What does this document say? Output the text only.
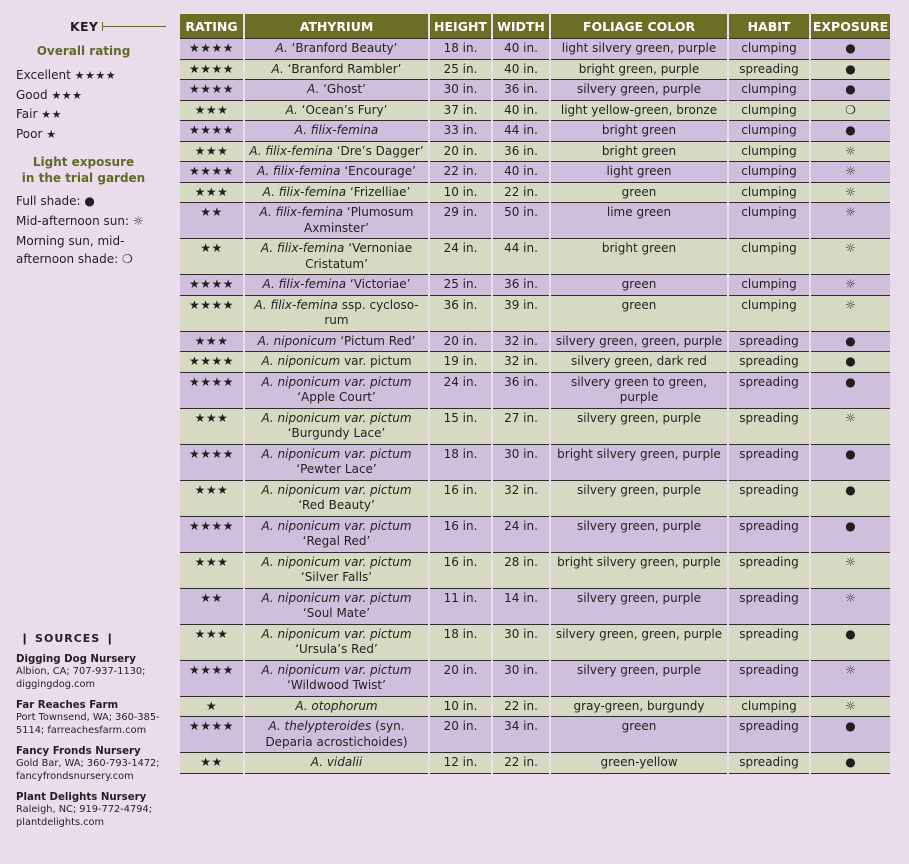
KEY
Overall rating
Excellent ★★★★
Good ★★★
Fair ★★
Poor ★
Light exposure
in the trial garden
Full shade: ●
Mid-afternoon sun: ☼
Morning sun, mid-
afternoon shade: ❍
❙ SOURCES ❙
Digging Dog Nursery
Albion, CA; 707-937-1130;
diggingdog.com
Far Reaches Farm
Port Townsend, WA; 360-385-
5114; farreachesfarm.com
Fancy Fronds Nursery
Gold Bar, WA; 360-793-1472;
fancyfrondsnursery.com
Plant Delights Nursery
Raleigh, NC; 919-772-4794;
plantdelights.com
RATING	ATHYRIUM	HEIGHT	WIDTH	FOLIAGE COLOR	HABIT	EXPOSURE
★★★★	A. ‘Branford Beauty’	18 in.	40 in.	light silvery green, purple	clumping	●
★★★★	A. ‘Branford Rambler’	25 in.	40 in.	bright green, purple	spreading	●
★★★★	A. ‘Ghost’	30 in.	36 in.	silvery green, purple	clumping	●
★★★	A. ‘Ocean’s Fury’	37 in.	40 in.	light yellow-green, bronze	clumping	❍
★★★★	A. filix-femina	33 in.	44 in.	bright green	clumping	●
★★★	A. filix-femina ‘Dre’s Dagger’	20 in.	36 in.	bright green	clumping	☼
★★★★	A. filix-femina ‘Encourage’	22 in.	40 in.	light green	clumping	☼
★★★	A. filix-femina ‘Frizelliae’	10 in.	22 in.	green	clumping	☼
★★	A. filix-femina ‘Plumosum Axminster’	29 in.	50 in.	lime green	clumping	☼
★★	A. filix-femina ‘Vernoniae Cristatum’	24 in.	44 in.	bright green	clumping	☼
★★★★	A. filix-femina ‘Victoriae’	25 in.	36 in.	green	clumping	☼
★★★★	A. filix-femina ssp. cycloso-rum	36 in.	39 in.	green	clumping	☼
★★★	A. niponicum ‘Pictum Red’	20 in.	32 in.	silvery green, green, purple	spreading	●
★★★★	A. niponicum var. pictum	19 in.	32 in.	silvery green, dark red	spreading	●
★★★★	A. niponicum var. pictum ‘Apple Court’	24 in.	36 in.	silvery green to green, purple	spreading	●
★★★	A. niponicum var. pictum ‘Burgundy Lace’	15 in.	27 in.	silvery green, purple	spreading	☼
★★★★	A. niponicum var. pictum ‘Pewter Lace’	18 in.	30 in.	bright silvery green, purple	spreading	●
★★★	A. niponicum var. pictum ‘Red Beauty’	16 in.	32 in.	silvery green, purple	spreading	●
★★★★	A. niponicum var. pictum ‘Regal Red’	16 in.	24 in.	silvery green, purple	spreading	●
★★★	A. niponicum var. pictum ‘Silver Falls’	16 in.	28 in.	bright silvery green, purple	spreading	☼
★★	A. niponicum var. pictum ‘Soul Mate’	11 in.	14 in.	silvery green, purple	spreading	☼
★★★	A. niponicum var. pictum ‘Ursula’s Red’	18 in.	30 in.	silvery green, green, purple	spreading	●
★★★★	A. niponicum var. pictum ‘Wildwood Twist’	20 in.	30 in.	silvery green, purple	spreading	☼
★	A. otophorum	10 in.	22 in.	gray-green, burgundy	clumping	☼
★★★★	A. thelypteroides (syn. Deparia acrostichoides)	20 in.	34 in.	green	spreading	●
★★	A. vidalii	12 in.	22 in.	green-yellow	spreading	●
